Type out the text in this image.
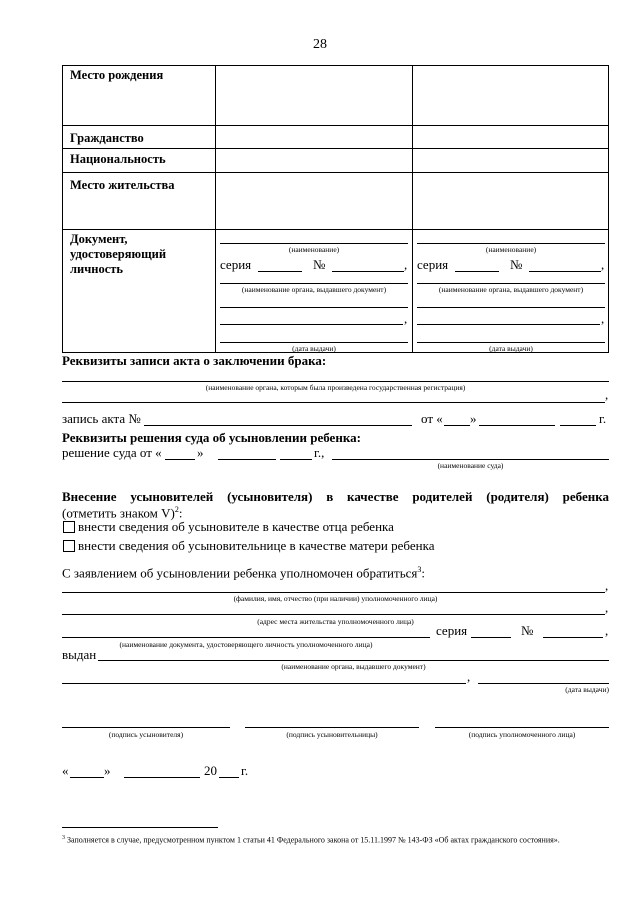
28
Место рождения
Гражданство
Национальность
Место жительства
Документ, удостоверяющий личность
(наименование)
серия	№	,
(наименование органа, выдавшего документ)
,
(дата выдачи)
(наименование)
серия	№	,
(наименование органа, выдавшего документ)
,
(дата выдачи)
Реквизиты записи акта о заключении брака:
(наименование органа, которым была произведена государственная регистрация)	,
запись акта №	от « »	г.
Реквизиты решения суда об усыновлении ребенка:
решение суда от «	»	г.,
(наименование суда)
Внесение усыновителей (усыновителя) в качестве родителей (родителя) ребенка
(отметить знаком V)$^2$:
внести сведения об усыновителе в качестве отца ребенка
внести сведения об усыновительнице в качестве матери ребенка
С заявлением об усыновлении ребенка уполномочен обратиться$^3$:
,
(фамилия, имя, отчество (при наличии) уполномоченного лица)
,
(адрес места жительства уполномоченного лица)
серия	№	,
(наименование документа, удостоверяющего личность уполномоченного лица)
выдан
(наименование органа, выдавшего документ)
,
(дата выдачи)
(подпись усыновителя)	(подпись усыновительницы)	(подпись уполномоченного лица)
«	»	20 г.
$^3$ Заполняется в случае, предусмотренном пунктом 1 статьи 41 Федерального закона от 15.11.1997 № 143-ФЗ «Об актах гражданского состояния».
